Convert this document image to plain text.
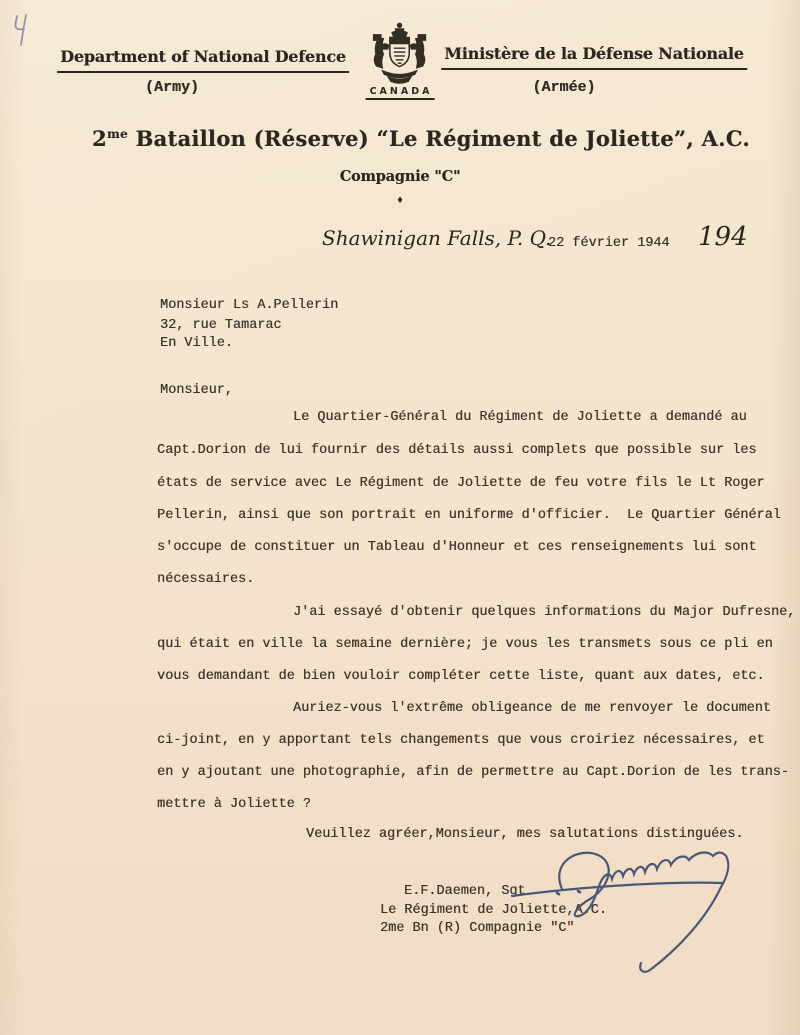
Department of National Defence
(Army)	CANADA
Ministère de la Défense Nationale
(Armée)
$2^{me}$ Bataillon (Réserve) “Le Régiment de Joliette”, A.C.
Compagnie "C"
♦
Shawinigan Falls, P. Q.
22 février 1944 194
Monsieur Ls A.Pellerin
32, rue Tamarac
En Ville.
Monsieur,
Le Quartier-Général du Régiment de Joliette a demandé au
Capt.Dorion de lui fournir des détails aussi complets que possible sur les
états de service avec Le Régiment de Joliette de feu votre fils le Lt Roger
Pellerin, ainsi que son portrait en uniforme d'officier.  Le Quartier Général
s'occupe de constituer un Tableau d'Honneur et ces renseignements lui sont
nécessaires.
J'ai essayé d'obtenir quelques informations du Major Dufresne,
qui était en ville la semaine dernière; je vous les transmets sous ce pli en
vous demandant de bien vouloir compléter cette liste, quant aux dates, etc.
Auriez-vous l'extrême obligeance de me renvoyer le document
ci-joint, en y apportant tels changements que vous croiriez nécessaires, et
en y ajoutant une photographie, afin de permettre au Capt.Dorion de les trans-
mettre à Joliette ?
Veuillez agréer,Monsieur, mes salutations distinguées.
E.F.Daemen, Sgt
Le Régiment de Joliette,A.C.
2me Bn (R) Compagnie "C"
